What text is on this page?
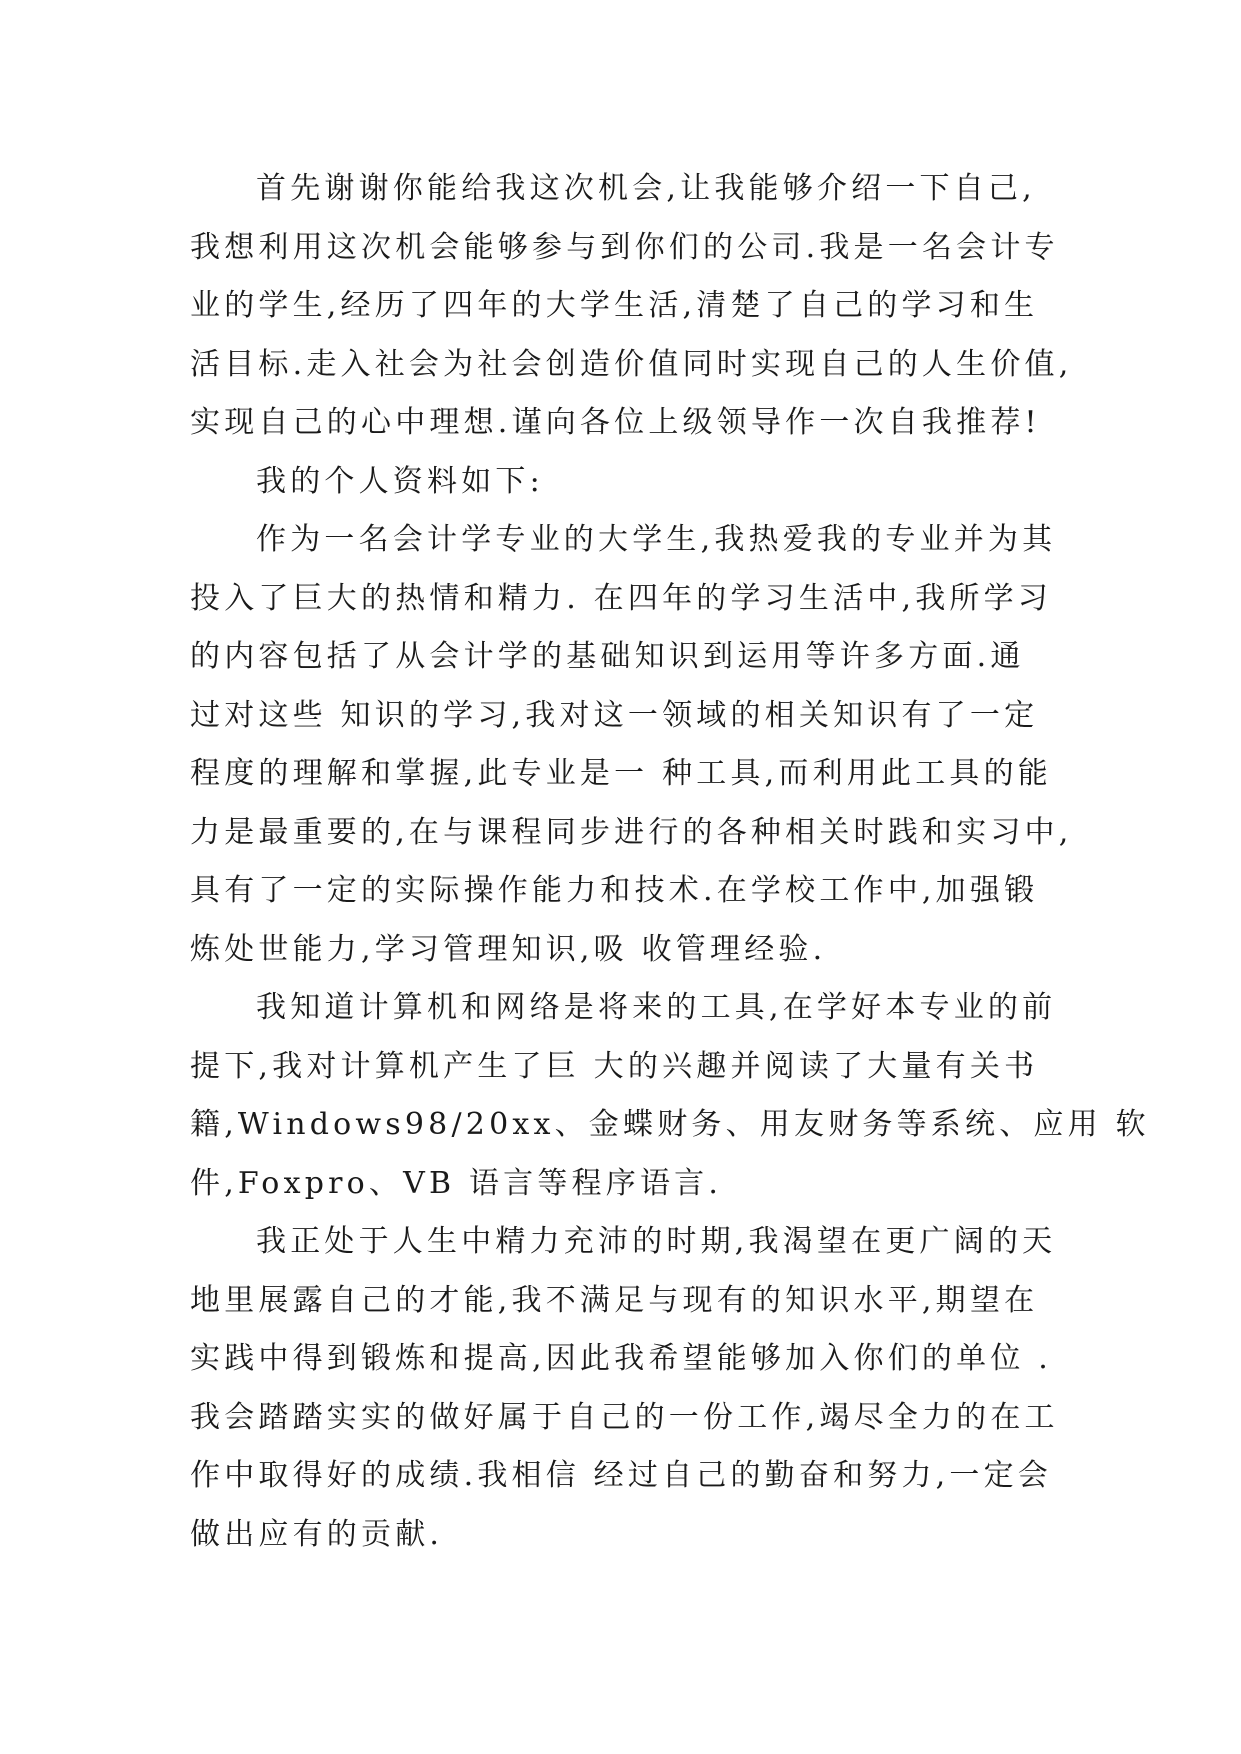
首先谢谢你能给我这次机会,让我能够介绍一下自己,
我想利用这次机会能够参与到你们的公司.我是一名会计专
业的学生,经历了四年的大学生活,清楚了自己的学习和生
活目标.走入社会为社会创造价值同时实现自己的人生价值,
实现自己的心中理想.谨向各位上级领导作一次自我推荐!
我的个人资料如下:
作为一名会计学专业的大学生,我热爱我的专业并为其
投入了巨大的热情和精力. 在四年的学习生活中,我所学习
的内容包括了从会计学的基础知识到运用等许多方面.通
过对这些 知识的学习,我对这一领域的相关知识有了一定
程度的理解和掌握,此专业是一 种工具,而利用此工具的能
力是最重要的,在与课程同步进行的各种相关时践和实习中,
具有了一定的实际操作能力和技术.在学校工作中,加强锻
炼处世能力,学习管理知识,吸 收管理经验.
我知道计算机和网络是将来的工具,在学好本专业的前
提下,我对计算机产生了巨 大的兴趣并阅读了大量有关书
籍,Windows98/20xx、金蝶财务、用友财务等系统、应用 软
件,Foxpro、VB 语言等程序语言.
我正处于人生中精力充沛的时期,我渴望在更广阔的天
地里展露自己的才能,我不满足与现有的知识水平,期望在
实践中得到锻炼和提高,因此我希望能够加入你们的单位 .
我会踏踏实实的做好属于自己的一份工作,竭尽全力的在工
作中取得好的成绩.我相信 经过自己的勤奋和努力,一定会
做出应有的贡献.
